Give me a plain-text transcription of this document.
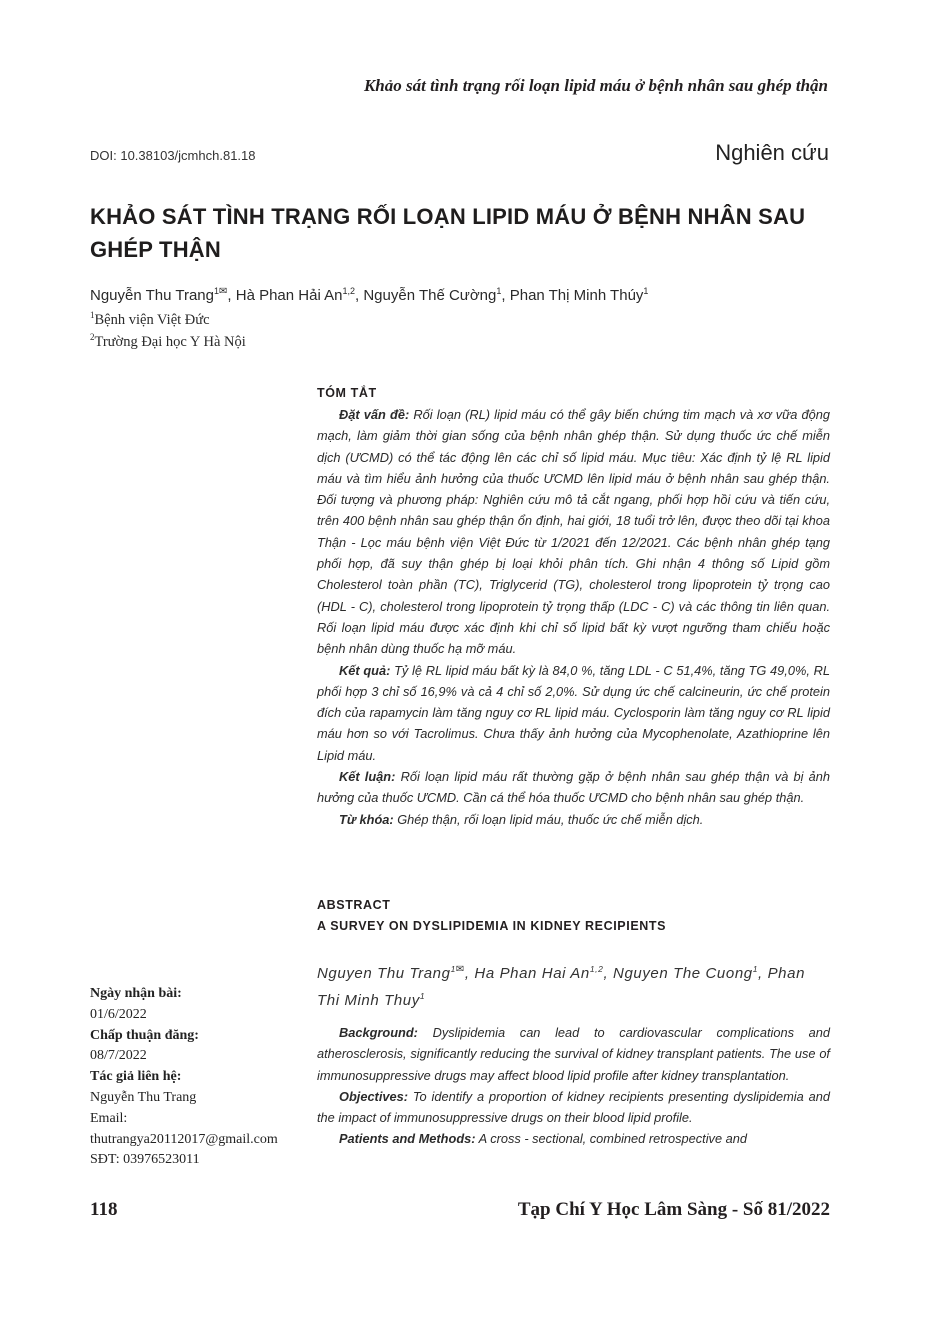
Khảo sát tình trạng rối loạn lipid máu ở bệnh nhân sau ghép thận
DOI: 10.38103/jcmhch.81.18	Nghiên cứu
KHẢO SÁT TÌNH TRẠNG RỐI LOẠN LIPID MÁU Ở BỆNH NHÂN SAU GHÉP THẬN
Nguyễn Thu Trang$^{1✉}$, Hà Phan Hải An$^{1,2}$, Nguyễn Thế Cường$^1$, Phan Thị Minh Thúy$^1$
$^1$Bệnh viện Việt Đức
$^2$Trường Đại học Y Hà Nội
TÓM TẮT

Đặt vấn đề: Rối loạn (RL) lipid máu có thể gây biến chứng tim mạch và xơ vữa động mạch, làm giảm thời gian sống của bệnh nhân ghép thận. Sử dụng thuốc ức chế miễn dịch (ƯCMD) có thể tác động lên các chỉ số lipid máu. Mục tiêu: Xác định tỷ lệ RL lipid máu và tìm hiểu ảnh hưởng của thuốc ƯCMD lên lipid máu ở bệnh nhân sau ghép thận. Đối tượng và phương pháp: Nghiên cứu mô tả cắt ngang, phối hợp hồi cứu và tiến cứu, trên 400 bệnh nhân sau ghép thận ổn định, hai giới, 18 tuổi trở lên, được theo dõi tại khoa Thận - Lọc máu bệnh viện Việt Đức từ 1/2021 đến 12/2021. Các bệnh nhân ghép tạng phối hợp, đã suy thận ghép bị loại khỏi phân tích. Ghi nhận 4 thông số Lipid gồm Cholesterol toàn phần (TC), Triglycerid (TG), cholesterol trong lipoprotein tỷ trọng cao (HDL - C), cholesterol trong lipoprotein tỷ trọng thấp (LDC - C) và các thông tin liên quan. Rối loạn lipid máu được xác định khi chỉ số lipid bất kỳ vượt ngưỡng tham chiếu hoặc bệnh nhân dùng thuốc hạ mỡ máu.

Kết quả: Tỷ lệ RL lipid máu bất kỳ là 84,0 %, tăng LDL - C 51,4%, tăng TG 49,0%, RL phối hợp 3 chỉ số 16,9% và cả 4 chỉ số 2,0%. Sử dụng ức chế calcineurin, ức chế protein đích của rapamycin làm tăng nguy cơ RL lipid máu. Cyclosporin làm tăng nguy cơ RL lipid máu hơn so với Tacrolimus. Chưa thấy ảnh hưởng của Mycophenolate, Azathioprine lên Lipid máu.

Kết luận: Rối loạn lipid máu rất thường gặp ở bệnh nhân sau ghép thận và bị ảnh hưởng của thuốc ƯCMD. Cần cá thể hóa thuốc ƯCMD cho bệnh nhân sau ghép thận.

Từ khóa: Ghép thận, rối loạn lipid máu, thuốc ức chế miễn dịch.

ABSTRACT
A SURVEY ON DYSLIPIDEMIA IN KIDNEY RECIPIENTS
Nguyen Thu Trang$^{1✉}$, Ha Phan Hai An$^{1,2}$, Nguyen The Cuong$^1$, Phan Thi Minh Thuy$^1$

Background: Dyslipidemia can lead to cardiovascular complications and atherosclerosis, significantly reducing the survival of kidney transplant patients. The use of immunosuppressive drugs may affect blood lipid profile after kidney transplantation.

Objectives: To identify a proportion of kidney recipients presenting dyslipidemia and the impact of immunosuppressive drugs on their blood lipid profile.

Patients and Methods: A cross - sectional, combined retrospective and

Ngày nhận bài:
01/6/2022
Chấp thuận đăng:
08/7/2022
Tác giả liên hệ:
Nguyễn Thu Trang
Email:
thutrangya20112017@gmail.com
SĐT: 03976523011
118	Tạp Chí Y Học Lâm Sàng - Số 81/2022
